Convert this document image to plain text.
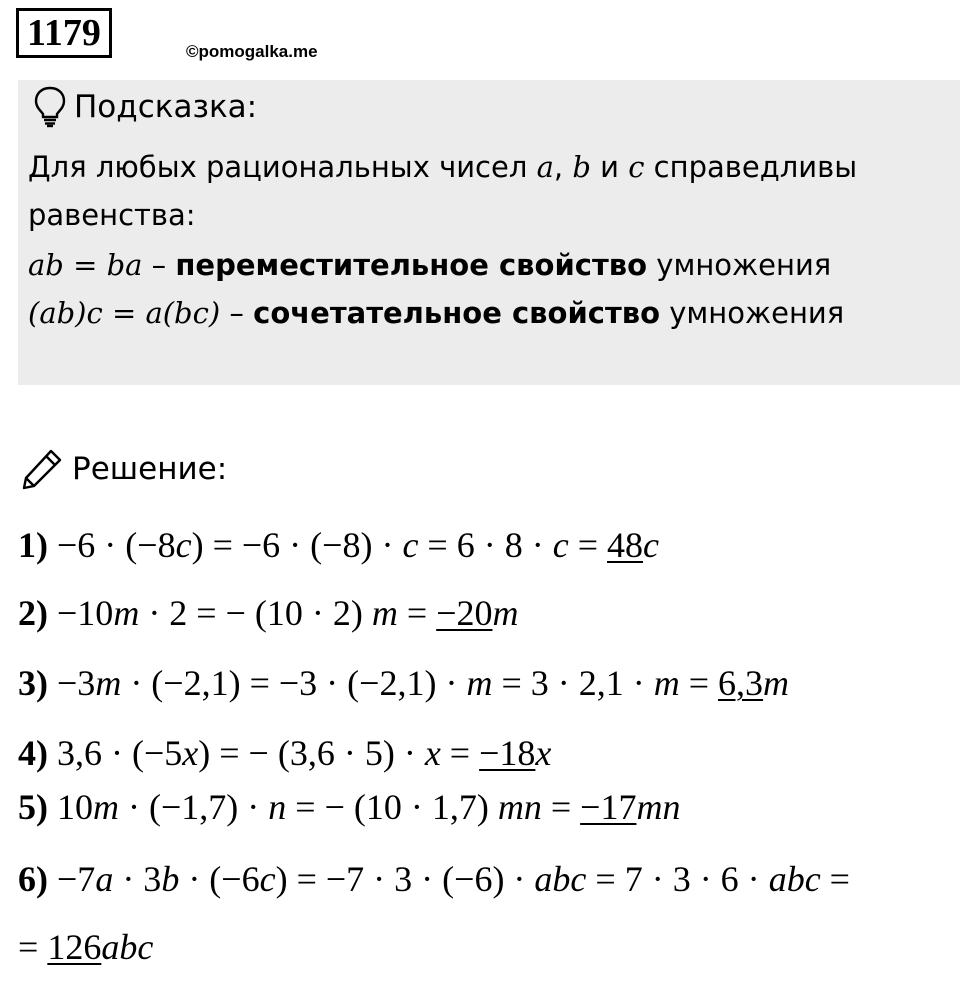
1179	©pomogalka.me
Подсказка:
Для любых рациональных чисел a, b и c справедливы
равенства:
ab = ba – переместительное свойство умножения
(ab)c = a(bc) – сочетательное свойство умножения
Решение:
1) −6 · (−8c) = −6 · (−8) · c = 6 · 8 · c = 48c
2) −10m · 2 = − (10 · 2) m = −20m
3) −3m · (−2,1) = −3 · (−2,1) · m = 3 · 2,1 · m = 6,3m
4) 3,6 · (−5x) = − (3,6 · 5) · x = −18x
5) 10m · (−1,7) · n = − (10 · 1,7) mn = −17mn
6) −7a · 3b · (−6c) = −7 · 3 · (−6) · abc = 7 · 3 · 6 · abc =
= 126abc
